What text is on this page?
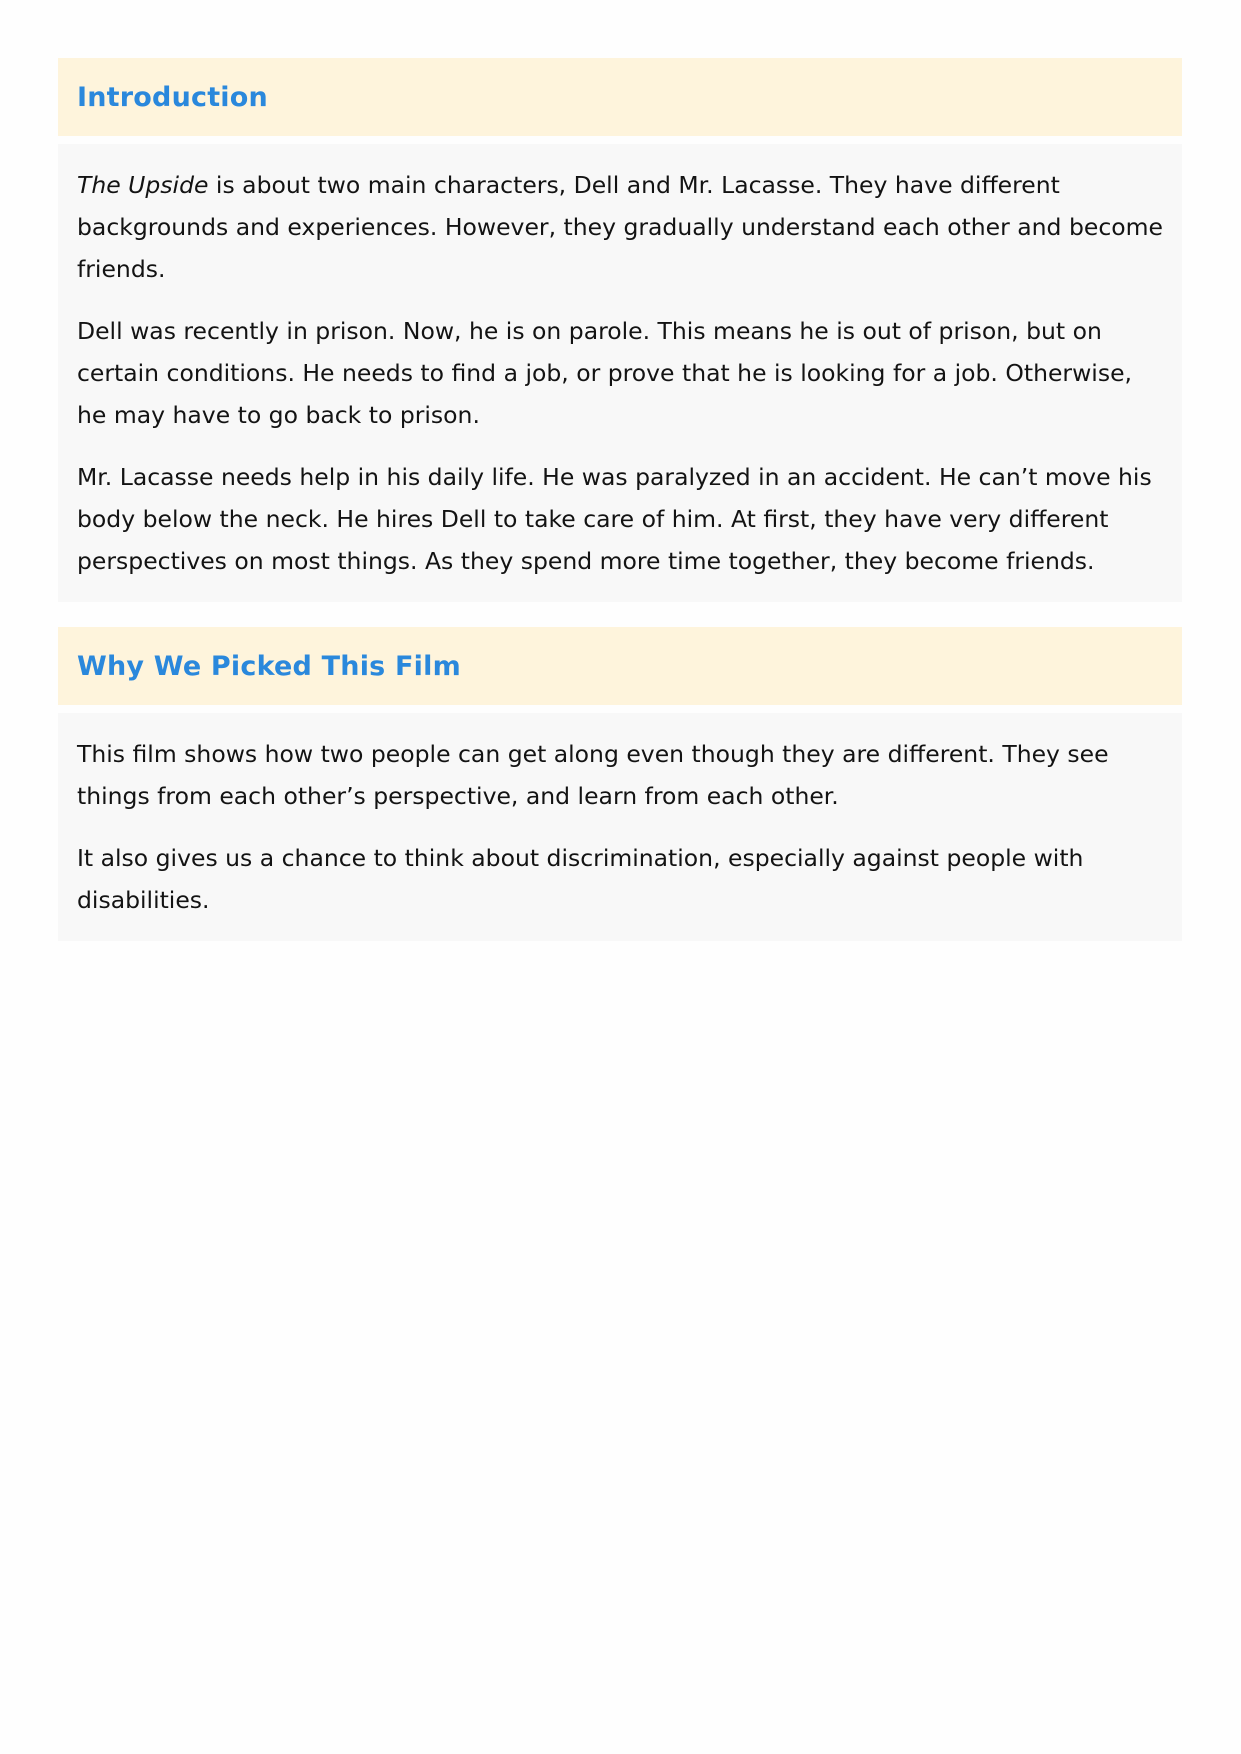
Introduction

The Upside is about two main characters, Dell and Mr. Lacasse. They have different backgrounds and experiences. However, they gradually understand each other and become friends.

Dell was recently in prison. Now, he is on parole. This means he is out of prison, but on certain conditions. He needs to find a job, or prove that he is looking for a job. Otherwise, he may have to go back to prison.

Mr. Lacasse needs help in his daily life. He was paralyzed in an accident. He can’t move his body below the neck. He hires Dell to take care of him. At first, they have very different perspectives on most things. As they spend more time together, they become friends.

Why We Picked This Film

This film shows how two people can get along even though they are different. They see things from each other’s perspective, and learn from each other.

It also gives us a chance to think about discrimination, especially against people with disabilities.
